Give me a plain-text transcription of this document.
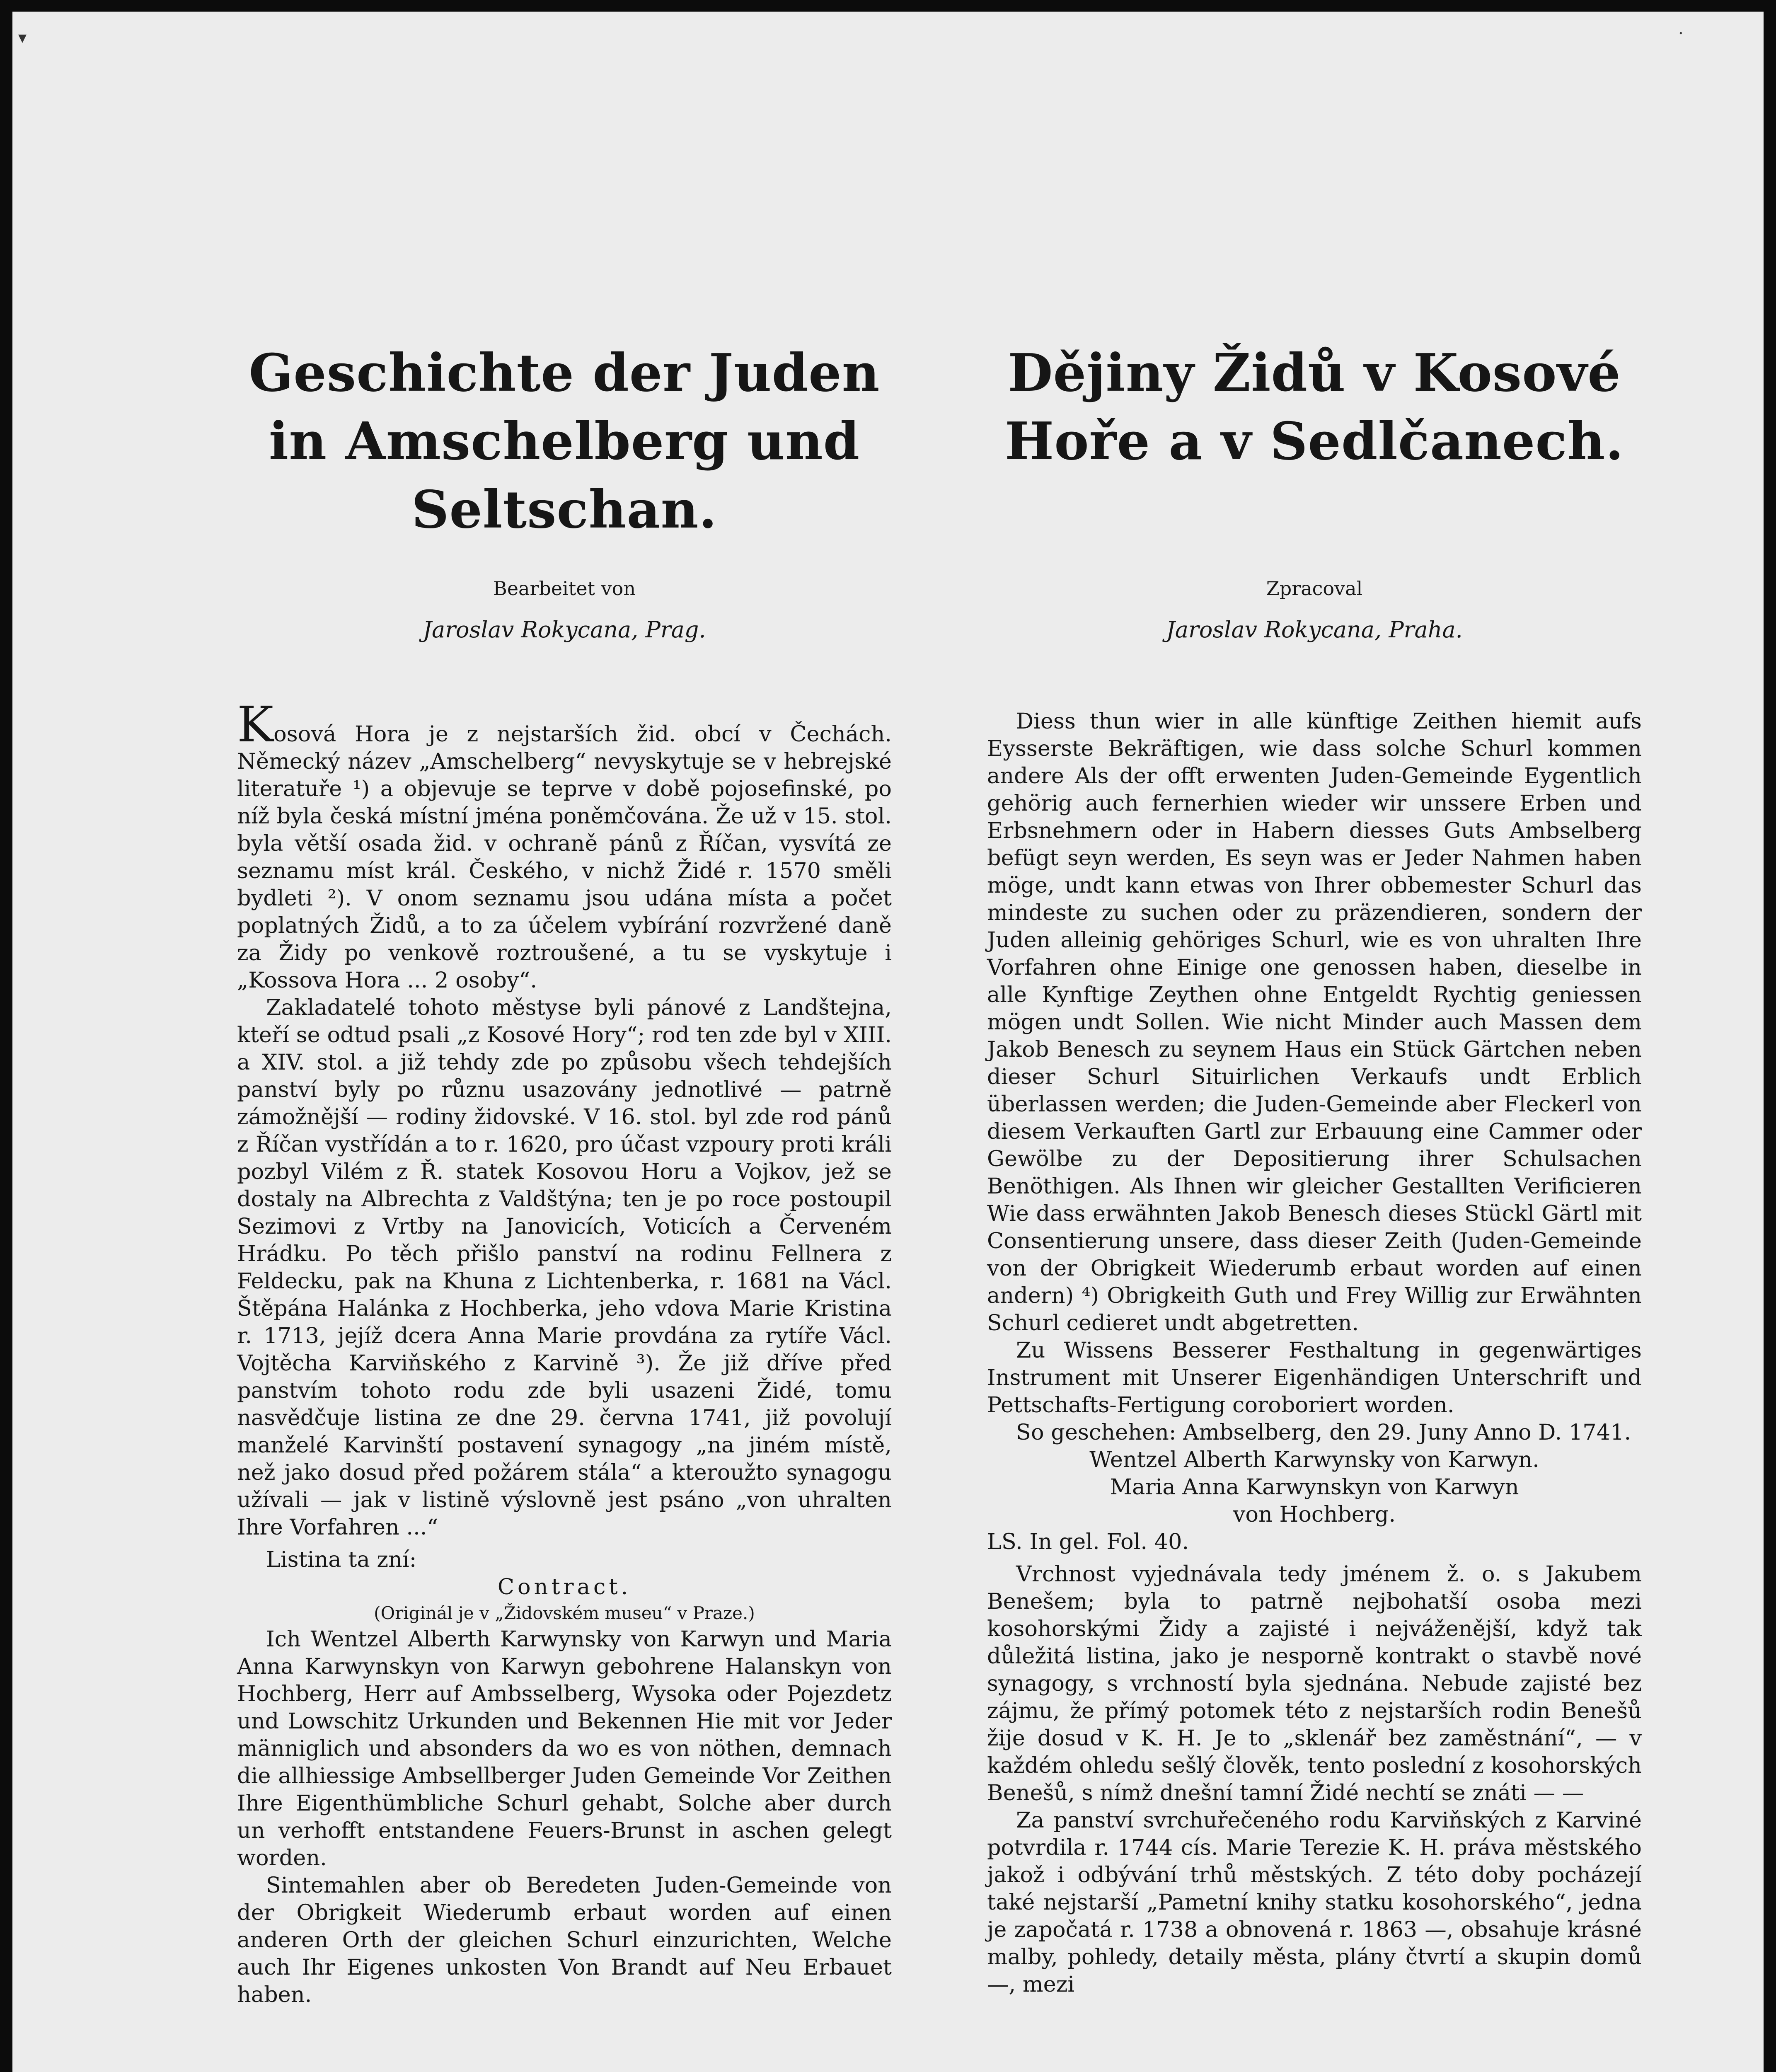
▾	·
Geschichte der Juden in Amschelberg und Seltschan.

Bearbeitet von

Jaroslav Rokycana, Prag.

Kosová Hora je z nejstarších žid. obcí v Čechách. Německý název „Amschelberg“ nevyskytuje se v hebrejské literatuře ¹) a objevuje se teprve v době pojosefinské, po níž byla česká místní jména poněmčována. Že už v 15. stol. byla větší osada žid. v ochraně pánů z Říčan, vysvítá ze seznamu míst král. Českého, v nichž Židé r. 1570 směli bydleti ²). V onom seznamu jsou udána místa a počet poplatných Židů, a to za účelem vybírání rozvržené daně za Židy po venkově roztroušené, a tu se vyskytuje i „Kossova Hora ... 2 osoby“.

Zakladatelé tohoto městyse byli pánové z Landštejna, kteří se odtud psali „z Kosové Hory“; rod ten zde byl v XIII. a XIV. stol. a již tehdy zde po způsobu všech tehdejších panství byly po různu usazovány jednotlivé — patrně zámožnější — rodiny židovské. V 16. stol. byl zde rod pánů z Říčan vystřídán a to r. 1620, pro účast vzpoury proti králi pozbyl Vilém z Ř. statek Kosovou Horu a Vojkov, jež se dostaly na Albrechta z Valdštýna; ten je po roce postoupil Sezimovi z Vrtby na Janovicích, Voticích a Červeném Hrádku. Po těch přišlo panství na rodinu Fellnera z Feldecku, pak na Khuna z Lichtenberka, r. 1681 na Václ. Štěpána Halánka z Hochberka, jeho vdova Marie Kristina r. 1713, jejíž dcera Anna Marie provdána za rytíře Václ. Vojtěcha Karviňského z Karvině ³). Že již dříve před panstvím tohoto rodu zde byli usazeni Židé, tomu nasvědčuje listina ze dne 29. června 1741, již povolují manželé Karvinští postavení synagogy „na jiném místě, než jako dosud před požárem stála“ a kteroužto synagogu užívali — jak v listině výslovně jest psáno „von uhralten Ihre Vorfahren ...“

Listina ta zní:

Contract.

(Originál je v „Židovském museu“ v Praze.)

Ich Wentzel Alberth Karwynsky von Karwyn und Maria Anna Karwynskyn von Karwyn gebohrene Halanskyn von Hochberg, Herr auf Ambsselberg, Wysoka oder Pojezdetz und Lowschitz Urkunden und Bekennen Hie mit vor Jeder männiglich und absonders da wo es von nöthen, demnach die allhiessige Ambsellberger Juden Gemeinde Vor Zeithen Ihre Eigenthümbliche Schurl gehabt, Solche aber durch un verhofft entstandene Feuers-Brunst in aschen gelegt worden.

Sintemahlen aber ob Beredeten Juden-Gemeinde von der Obrigkeit Wiederumb erbaut worden auf einen anderen Orth der gleichen Schurl einzurichten, Welche auch Ihr Eigenes unkosten Von Brandt auf Neu Erbauet haben.

Dějiny Židů v Kosové Hoře a v Sedlčanech.

Zpracoval

Jaroslav Rokycana, Praha.

Diess thun wier in alle künftige Zeithen hiemit aufs Eysserste Bekräftigen, wie dass solche Schurl kommen andere Als der offt erwenten Juden-Gemeinde Eygentlich gehörig auch fernerhien wieder wir unssere Erben und Erbsnehmern oder in Habern diesses Guts Ambselberg befügt seyn werden, Es seyn was er Jeder Nahmen haben möge, undt kann etwas von Ihrer obbemester Schurl das mindeste zu suchen oder zu präzendieren, sondern der Juden alleinig gehöriges Schurl, wie es von uhralten Ihre Vorfahren ohne Einige one genossen haben, dieselbe in alle Kynftige Zeythen ohne Entgeldt Rychtig geniessen mögen undt Sollen. Wie nicht Minder auch Massen dem Jakob Benesch zu seynem Haus ein Stück Gärtchen neben dieser Schurl Situirlichen Verkaufs undt Erblich überlassen werden; die Juden-Gemeinde aber Fleckerl von diesem Verkauften Gartl zur Erbauung eine Cammer oder Gewölbe zu der Depositierung ihrer Schulsachen Benöthigen. Als Ihnen wir gleicher Gestallten Verificieren Wie dass erwähnten Jakob Benesch dieses Stückl Gärtl mit Consentierung unsere, dass dieser Zeith (Juden-Gemeinde von der Obrigkeit Wiederumb erbaut worden auf einen andern) ⁴) Obrigkeith Guth und Frey Willig zur Erwähnten Schurl cedieret undt abgetretten.

Zu Wissens Besserer Festhaltung in gegenwärtiges Instrument mit Unserer Eigenhändigen Unterschrift und Pettschafts-Fertigung coroboriert worden.

So geschehen: Ambselberg, den 29. Juny Anno D. 1741.

Wentzel Alberth Karwynsky von Karwyn.

Maria Anna Karwynskyn von Karwyn

von Hochberg.

LS. In gel. Fol. 40.

Vrchnost vyjednávala tedy jménem ž. o. s Jakubem Benešem; byla to patrně nejbohatší osoba mezi kosohorskými Židy a zajisté i nejváženější, když tak důležitá listina, jako je nesporně kontrakt o stavbě nové synagogy, s vrchností byla sjednána. Nebude zajisté bez zájmu, že přímý potomek této z nejstarších rodin Benešů žije dosud v K. H. Je to „sklenář bez zaměstnání“, — v každém ohledu sešlý člověk, tento poslední z kosohorských Benešů, s nímž dnešní tamní Židé nechtí se znáti — —

Za panství svrchuřečeného rodu Karviňských z Karviné potvrdila r. 1744 cís. Marie Terezie K. H. práva městského jakož i odbývání trhů městských. Z této doby pocházejí také nejstarší „Pametní knihy statku kosohorského“, jedna je započatá r. 1738 a obnovená r. 1863 —, obsahuje krásné malby, pohledy, detaily města, plány čtvrtí a skupin domů —, mezi
